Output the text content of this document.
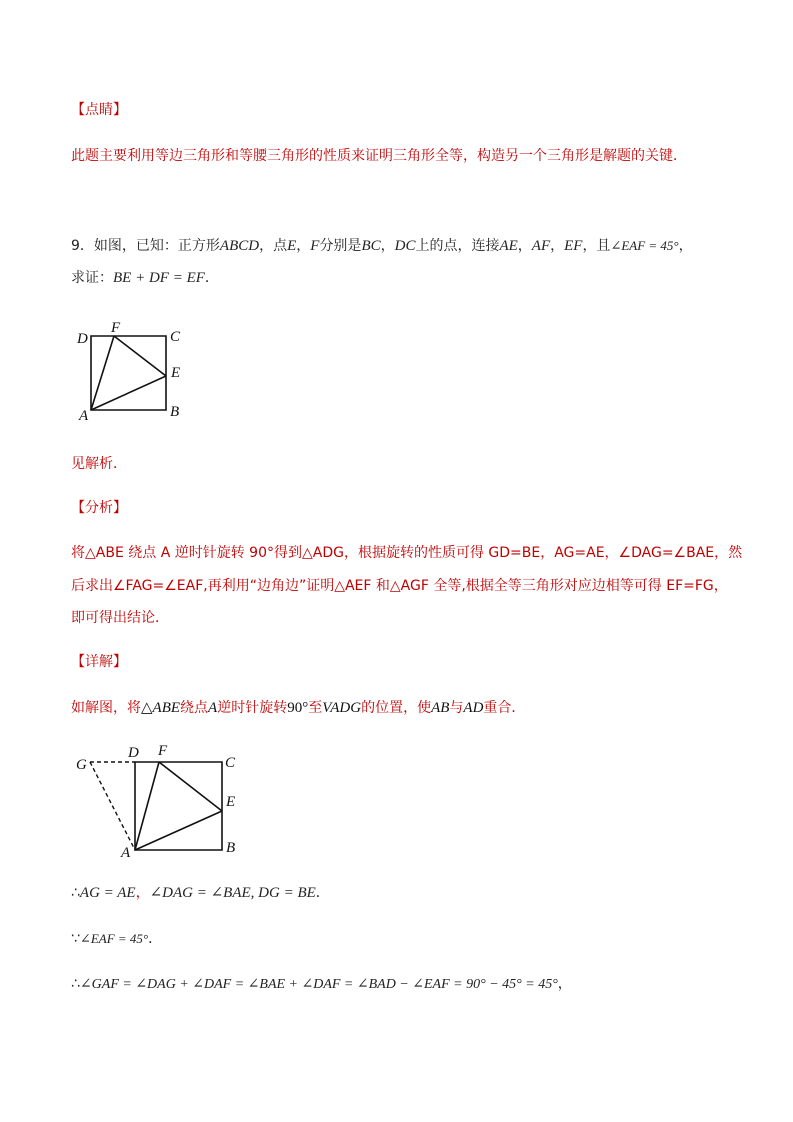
【点睛】
此题主要利用等边三角形和等腰三角形的性质来证明三角形全等，构造另一个三角形是解题的关键．
9．如图，已知：正方形ABCD，点E，F分别是BC，DC上的点，连接AE，AF，EF，且∠EAF = 45°，
求证：BE + DF = EF．
D
F
C
E
A	B
见解析．
【分析】
将△ABE 绕点 A 逆时针旋转 90°得到△ADG，根据旋转的性质可得 GD=BE，AG=AE，∠DAG=∠BAE，然
后求出∠FAG=∠EAF,再利用“边角边”证明△AEF 和△AGF 全等,根据全等三角形对应边相等可得 EF=FG，
即可得出结论．
【详解】
如解图，将△ABE绕点A逆时针旋转90°至VADG的位置，使AB与AD重合．
G
D F
C
E
A	B
∴AG = AE，∠DAG = ∠BAE, DG = BE．
∵∠EAF = 45°．
∴∠GAF = ∠DAG + ∠DAF = ∠BAE + ∠DAF = ∠BAD − ∠EAF = 90° − 45° = 45°，
